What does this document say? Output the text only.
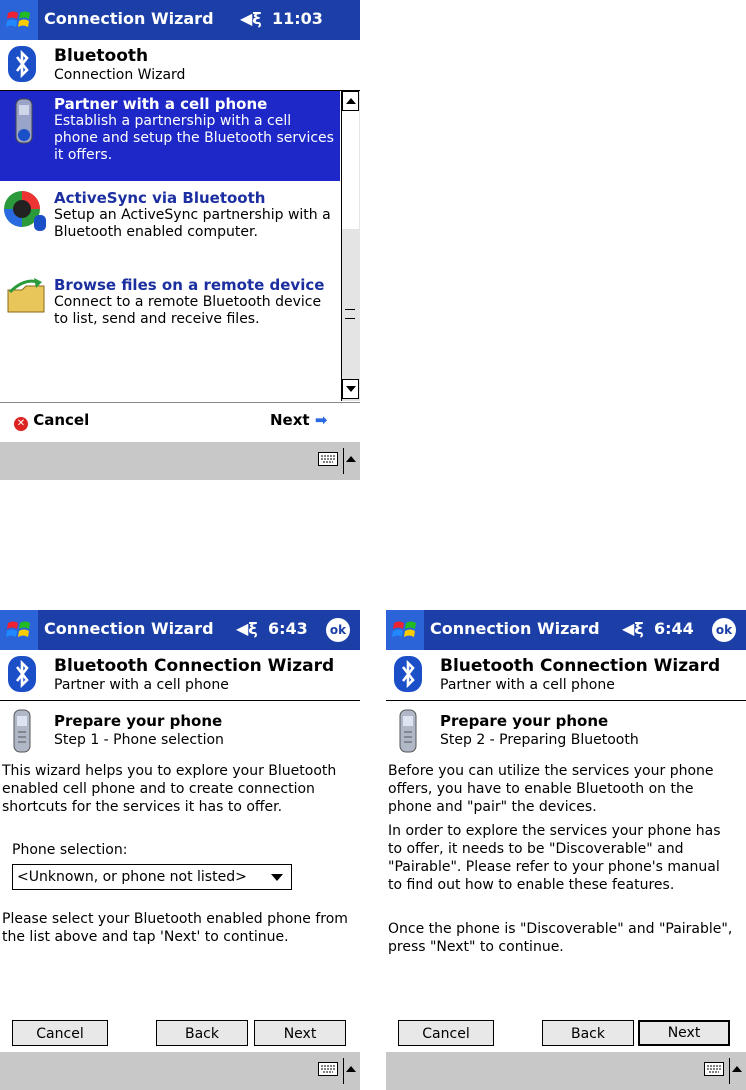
Connection Wizard ◀ξ 11:03
Bluetooth
Connection Wizard
Partner with a cell phone
Establish a partnership with a cell phone and setup the Bluetooth services it offers.
ActiveSync via Bluetooth
Setup an ActiveSync partnership with a Bluetooth enabled computer.
Browse files on a remote device
Connect to a remote Bluetooth device to list, send and receive files.
✕ Cancel	Next ➡
Connection Wizard ◀ξ 6:43	ok
Bluetooth Connection Wizard
Partner with a cell phone
Prepare your phone
Step 1 - Phone selection
This wizard helps you to explore your Bluetooth enabled cell phone and to create connection shortcuts for the services it has to offer.
Phone selection:
<Unknown, or phone not listed>
Please select your Bluetooth enabled phone from the list above and tap 'Next' to continue.
Cancel	Back	Next
Connection Wizard ◀ξ 6:44	ok
Bluetooth Connection Wizard
Partner with a cell phone
Prepare your phone
Step 2 - Preparing Bluetooth
Before you can utilize the services your phone offers, you have to enable Bluetooth on the phone and "pair" the devices.
In order to explore the services your phone has to offer, it needs to be "Discoverable" and "Pairable". Please refer to your phone's manual to find out how to enable these features.
Once the phone is "Discoverable" and "Pairable", press "Next" to continue.
Cancel	Back	Next
